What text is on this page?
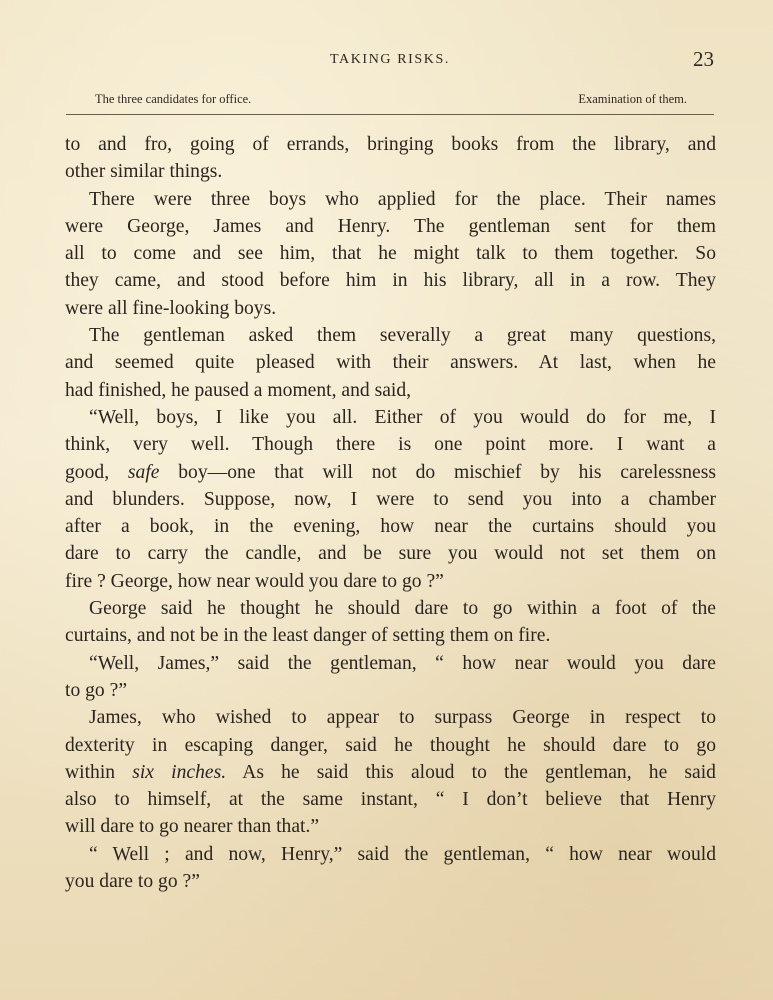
TAKING RISKS.	23
The three candidates for office.	Examination of them.
to and fro, going of errands, bringing books from the library, and
other similar things.
There were three boys who applied for the place. Their names
were George, James and Henry. The gentleman sent for them
all to come and see him, that he might talk to them together. So
they came, and stood before him in his library, all in a row. They
were all fine-looking boys.
The gentleman asked them severally a great many questions,
and seemed quite pleased with their answers. At last, when he
had finished, he paused a moment, and said,
“Well, boys, I like you all. Either of you would do for me, I
think, very well. Though there is one point more. I want a
good, safe boy—one that will not do mischief by his carelessness
and blunders. Suppose, now, I were to send you into a chamber
after a book, in the evening, how near the curtains should you
dare to carry the candle, and be sure you would not set them on
fire ? George, how near would you dare to go ?”
George said he thought he should dare to go within a foot of the
curtains, and not be in the least danger of setting them on fire.
“Well, James,” said the gentleman, “ how near would you dare
to go ?”
James, who wished to appear to surpass George in respect to
dexterity in escaping danger, said he thought he should dare to go
within six inches. As he said this aloud to the gentleman, he said
also to himself, at the same instant, “ I don’t believe that Henry
will dare to go nearer than that.”
“ Well ; and now, Henry,” said the gentleman, “ how near would
you dare to go ?”
